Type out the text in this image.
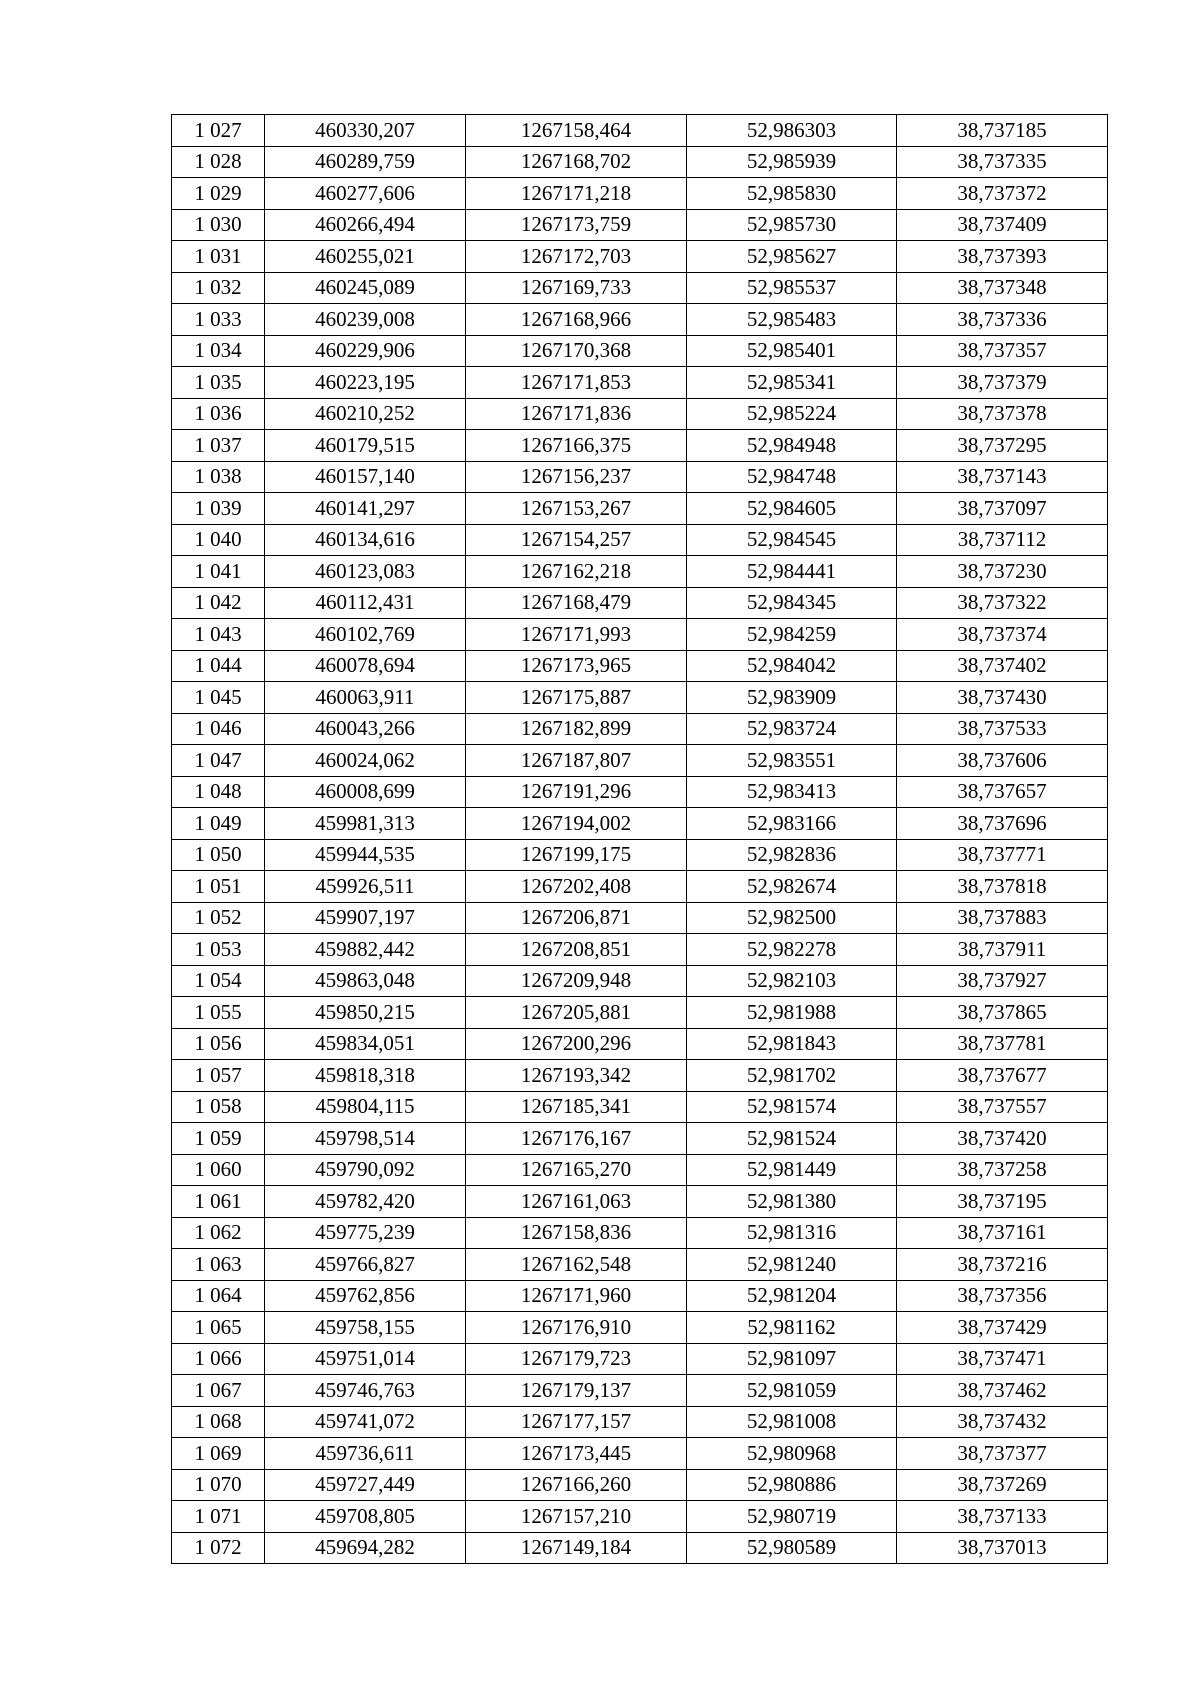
1 027	460330,207	1267158,464	52,986303	38,737185
1 028	460289,759	1267168,702	52,985939	38,737335
1 029	460277,606	1267171,218	52,985830	38,737372
1 030	460266,494	1267173,759	52,985730	38,737409
1 031	460255,021	1267172,703	52,985627	38,737393
1 032	460245,089	1267169,733	52,985537	38,737348
1 033	460239,008	1267168,966	52,985483	38,737336
1 034	460229,906	1267170,368	52,985401	38,737357
1 035	460223,195	1267171,853	52,985341	38,737379
1 036	460210,252	1267171,836	52,985224	38,737378
1 037	460179,515	1267166,375	52,984948	38,737295
1 038	460157,140	1267156,237	52,984748	38,737143
1 039	460141,297	1267153,267	52,984605	38,737097
1 040	460134,616	1267154,257	52,984545	38,737112
1 041	460123,083	1267162,218	52,984441	38,737230
1 042	460112,431	1267168,479	52,984345	38,737322
1 043	460102,769	1267171,993	52,984259	38,737374
1 044	460078,694	1267173,965	52,984042	38,737402
1 045	460063,911	1267175,887	52,983909	38,737430
1 046	460043,266	1267182,899	52,983724	38,737533
1 047	460024,062	1267187,807	52,983551	38,737606
1 048	460008,699	1267191,296	52,983413	38,737657
1 049	459981,313	1267194,002	52,983166	38,737696
1 050	459944,535	1267199,175	52,982836	38,737771
1 051	459926,511	1267202,408	52,982674	38,737818
1 052	459907,197	1267206,871	52,982500	38,737883
1 053	459882,442	1267208,851	52,982278	38,737911
1 054	459863,048	1267209,948	52,982103	38,737927
1 055	459850,215	1267205,881	52,981988	38,737865
1 056	459834,051	1267200,296	52,981843	38,737781
1 057	459818,318	1267193,342	52,981702	38,737677
1 058	459804,115	1267185,341	52,981574	38,737557
1 059	459798,514	1267176,167	52,981524	38,737420
1 060	459790,092	1267165,270	52,981449	38,737258
1 061	459782,420	1267161,063	52,981380	38,737195
1 062	459775,239	1267158,836	52,981316	38,737161
1 063	459766,827	1267162,548	52,981240	38,737216
1 064	459762,856	1267171,960	52,981204	38,737356
1 065	459758,155	1267176,910	52,981162	38,737429
1 066	459751,014	1267179,723	52,981097	38,737471
1 067	459746,763	1267179,137	52,981059	38,737462
1 068	459741,072	1267177,157	52,981008	38,737432
1 069	459736,611	1267173,445	52,980968	38,737377
1 070	459727,449	1267166,260	52,980886	38,737269
1 071	459708,805	1267157,210	52,980719	38,737133
1 072	459694,282	1267149,184	52,980589	38,737013
